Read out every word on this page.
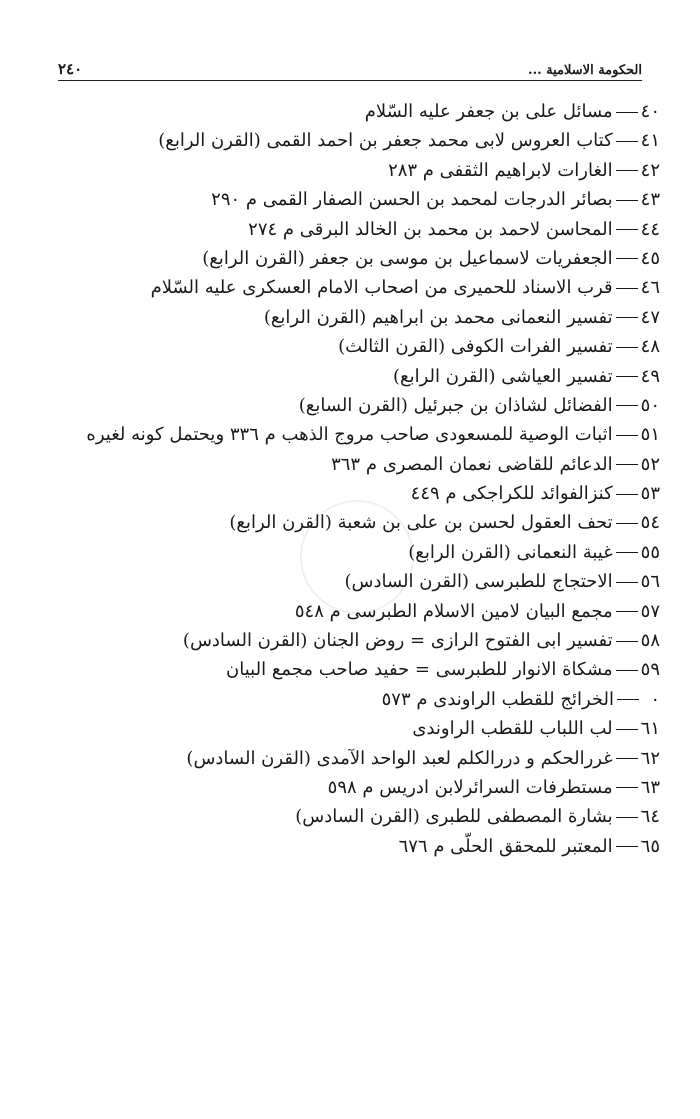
٢٤٠	الحكومة الاسلامية ...
٤٠مسائل على بن جعفر عليه السّلام
٤١كتاب العروس لابى محمد جعفر بن احمد القمى (القرن الرابع)
٤٢الغارات لابراهيم الثقفى م ٢٨٣
٤٣بصائر الدرجات لمحمد بن الحسن الصفار القمى م ٢٩٠
٤٤المحاسن لاحمد بن محمد بن الخالد البرقى م ٢٧٤
٤٥الجعفريات لاسماعيل بن موسى بن جعفر (القرن الرابع)
٤٦قرب الاسناد للحميرى من اصحاب الامام العسكرى عليه السّلام
٤٧تفسير النعمانى محمد بن ابراهيم (القرن الرابع)
٤٨تفسير الفرات الكوفى (القرن الثالث)
٤٩تفسير العياشى (القرن الرابع)
٥٠الفضائل لشاذان بن جبرئيل (القرن السابع)
٥١اثبات الوصية للمسعودى صاحب مروج الذهب م ٣٣٦ ويحتمل كونه لغيره
٥٢الدعائم للقاضى نعمان المصرى م ٣٦٣
٥٣كنزالفوائد للكراجكى م ٤٤٩
٥٤تحف العقول لحسن بن على بن شعبة (القرن الرابع)
٥٥غيبة النعمانى (القرن الرابع)
٥٦الاحتجاج للطبرسى (القرن السادس)
٥٧مجمع البيان لامين الاسلام الطبرسى م ٥٤٨
٥٨تفسير ابى الفتوح الرازى = روض الجنان (القرن السادس)
٥٩مشكاة الانوار للطبرسى = حفيد صاحب مجمع البيان
٠الخرائج للقطب الراوندى م ٥٧٣
٦١لب اللباب للقطب الراوندى
٦٢غررالحكم و دررالكلم لعبد الواحد الآمدى (القرن السادس)
٦٣مستطرفات السرائرلابن ادريس م ٥٩٨
٦٤بشارة المصطفى للطبرى (القرن السادس)
٦٥المعتبر للمحقق الحلّى م ٦٧٦
